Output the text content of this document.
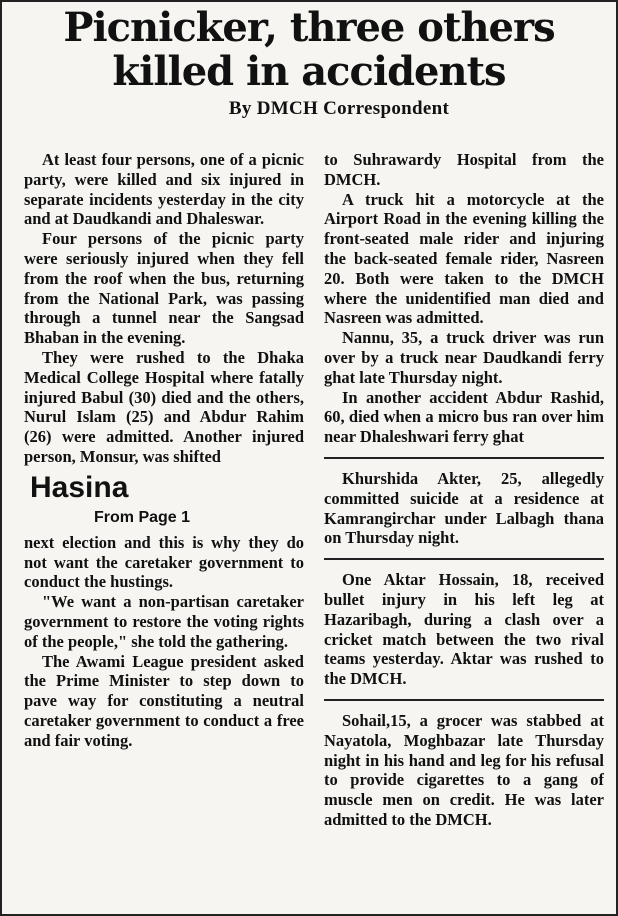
Picnicker, three others
killed in accidents
By DMCH Correspondent

At least four persons, one of a picnic party, were killed and six injured in separate incidents yesterday in the city and at Daudkandi and Dhaleswar.

Four persons of the picnic party were seriously injured when they fell from the roof when the bus, returning from the National Park, was passing through a tunnel near the Sangsad Bhaban in the evening.

They were rushed to the Dhaka Medical College Hospital where fatally injured Babul (30) died and the others, Nurul Islam (25) and Abdur Rahim (26) were admitted. Another injured person, Monsur, was shifted

Hasina
From Page 1

next election and this is why they do not want the caretaker government to conduct the hustings.

"We want a non-partisan caretaker government to restore the voting rights of the people," she told the gathering.

The Awami League president asked the Prime Minister to step down to pave way for constituting a neutral caretaker government to conduct a free and fair voting.

to Suhrawardy Hospital from the DMCH.

A truck hit a motorcycle at the Airport Road in the evening killing the front-seated male rider and injuring the back-seated female rider, Nasreen 20. Both were taken to the DMCH where the unidentified man died and Nasreen was admitted.

Nannu, 35, a truck driver was run over by a truck near Daudkandi ferry ghat late Thursday night.

In another accident Abdur Rashid, 60, died when a micro bus ran over him near Dhaleshwari ferry ghat

Khurshida Akter, 25, allegedly committed suicide at a residence at Kamrangirchar under Lalbagh thana on Thursday night.

One Aktar Hossain, 18, received bullet injury in his left leg at Hazaribagh, during a clash over a cricket match between the two rival teams yesterday. Aktar was rushed to the DMCH.

Sohail,15, a grocer was stabbed at Nayatola, Moghbazar late Thursday night in his hand and leg for his refusal to provide cigarettes to a gang of muscle men on credit. He was later admitted to the DMCH.
